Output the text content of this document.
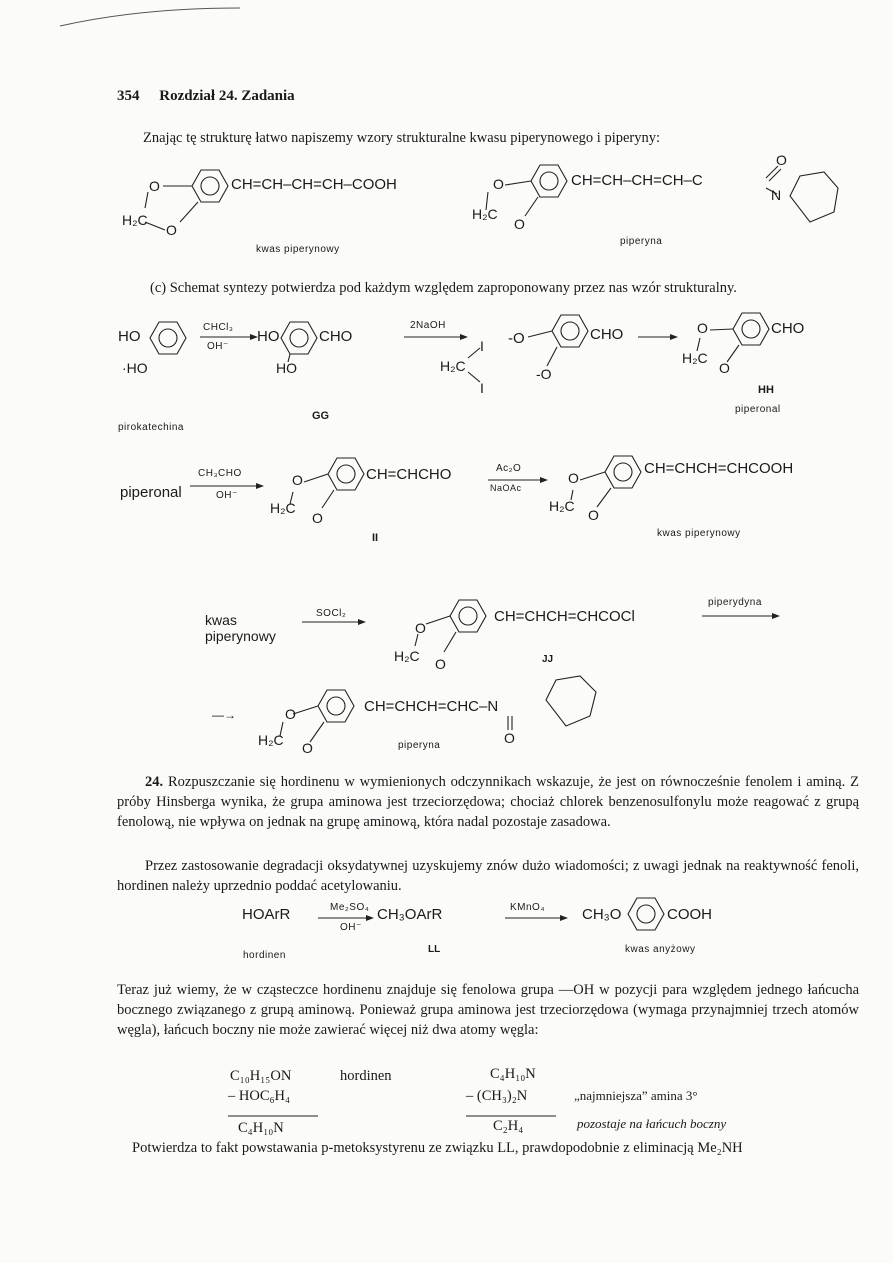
354 Rozdział 24. Zadania
Znając tę strukturę łatwo napiszemy wzory strukturalne kwasu piperynowego i piperyny:
CH=CH–CH=CH–COOH
O
H₂C
O
kwas piperynowy
CH=CH–CH=CH–C
O
N
O
H₂C
O
piperyna
(c) Schemat syntezy potwierdza pod każdym względem zaproponowany przez nas wzór strukturalny.
HO
·HO
CHCl₃
OH⁻
HO	CHO
HO
2NaOH
I
H₂C
I
-O
-O
CHO	O
H₂C
O
CHO
pirokatechina
GG
HH
piperonal
piperonal
CH₃CHO
OH⁻
O
H₂C
O
CH=CHCHO	Ac₂O
NaOAc
O
H₂C
O
CH=CHCH=CHCOOH
II	kwas piperynowy
kwas
piperynowy
SOCl₂
O
H₂C O
CH=CHCH=CHCOCl
JJ
piperydyna
—→	O
H₂C O
CH=CHCH=CHC–N
O
piperyna
24. Rozpuszczanie się hordinenu w wymienionych odczynnikach wskazuje, że jest on równocześnie fenolem i aminą. Z próby Hinsberga wynika, że grupa aminowa jest trzeciorzędowa; chociaż chlorek benzenosulfonylu może reagować z grupą fenolową, nie wpływa on jednak na grupę aminową, która nadal pozostaje zasadowa.
Przez zastosowanie degradacji oksydatywnej uzyskujemy znów dużo wiadomości; z uwagi jednak na reaktywność fenoli, hordinen należy uprzednio poddać acetylowaniu.
HOArR	Me₂SO₄
OH⁻
CH₃OArR	KMnO₄ CH₃O	COOH
hordinen
LL	kwas anyżowy
Teraz już wiemy, że w cząsteczce hordinenu znajduje się fenolowa grupa —OH w pozycji para względem jednego łańcucha bocznego związanego z grupą aminową. Ponieważ grupa aminowa jest trzeciorzędowa (wymaga przynajmniej trzech atomów węgla), łańcuch boczny nie może zawierać więcej niż dwa atomy węgla:
C₁₀H₁₅ON	hordinen
– HOC₆H₄
C₄H₁₀N
C₄H₁₀N
– (CH₃)₂N	„najmniejsza” amina 3°
C₂H₄	pozostaje na łańcuch boczny
Potwierdza to fakt powstawania p-metoksystyrenu ze związku LL, prawdopodobnie z eliminacją Me₂NH
